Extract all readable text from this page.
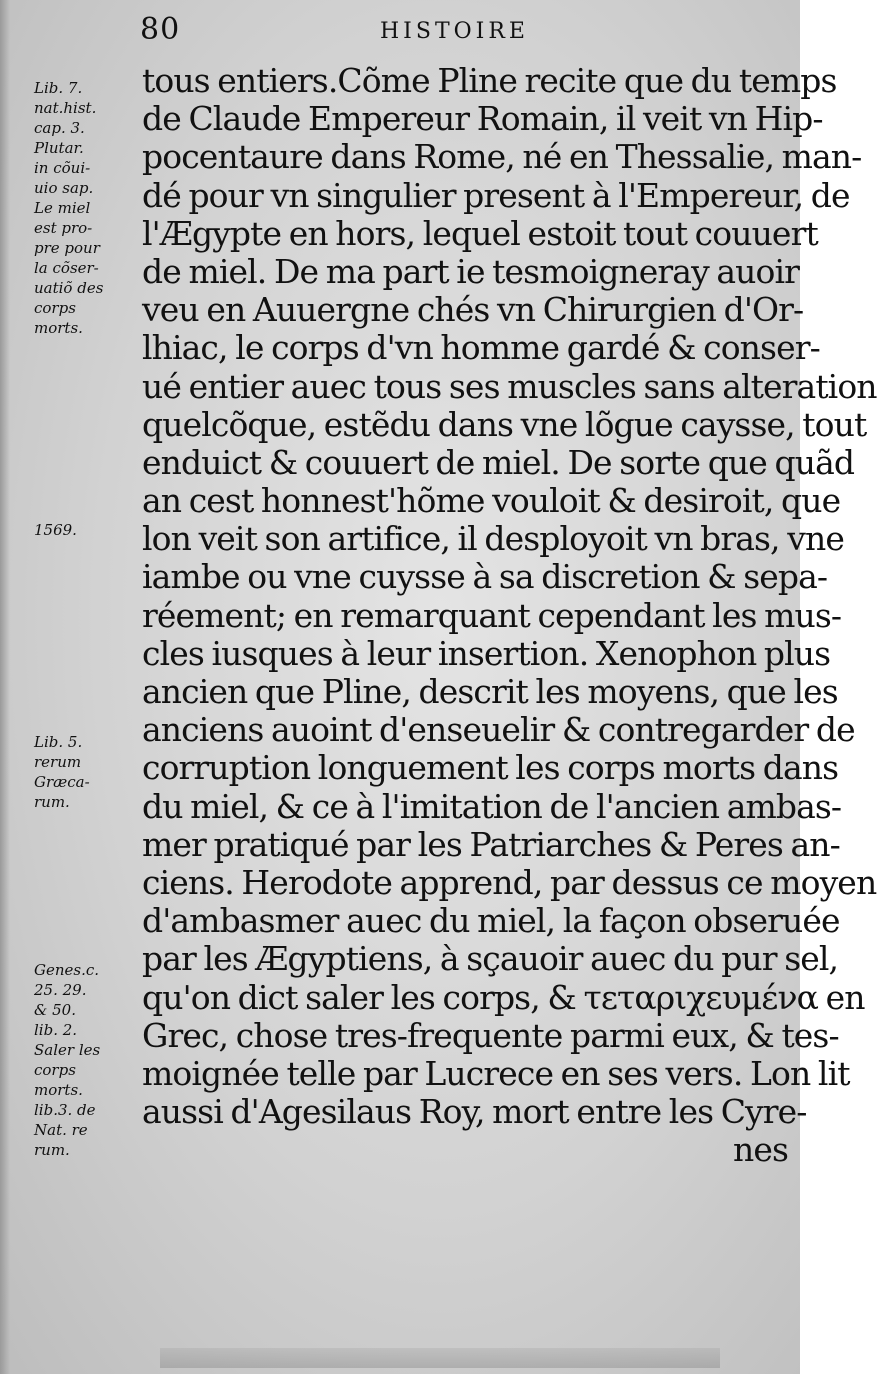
80	HISTOIRE
Lib. 7.
nat.hist.
cap. 3.
Plutar.
in cõui-
uio sap.
Le miel
est pro-
pre pour
la cõser-
uatiõ des
corps
morts.
1569.
Lib. 5.
rerum
Græca-
rum.
Genes.c.
25. 29.
& 50.
lib. 2.
Saler les
corps
morts.
lib.3. de
Nat. re
rum.
tous entiers.Cõme Pline recite que du temps
de Claude Empereur Romain, il veit vn Hip-
pocentaure dans Rome, né en Thessalie, man-
dé pour vn singulier present à l'Empereur, de
l'Ægypte en hors, lequel estoit tout couuert
de miel. De ma part ie tesmoigneray auoir
veu en Auuergne chés vn Chirurgien d'Or-
lhiac, le corps d'vn homme gardé & conser-
ué entier auec tous ses muscles sans alteration
quelcõque, estẽdu dans vne lõgue caysse, tout
enduict & couuert de miel. De sorte que quãd
an cest honnest'hõme vouloit & desiroit, que
lon veit son artifice, il desployoit vn bras, vne
iambe ou vne cuysse à sa discretion & sepa-
réement; en remarquant cependant les mus-
cles iusques à leur insertion. Xenophon plus
ancien que Pline, descrit les moyens, que les
anciens auoint d'enseuelir & contregarder de
corruption longuement les corps morts dans
du miel, & ce à l'imitation de l'ancien ambas-
mer pratiqué par les Patriarches & Peres an-
ciens. Herodote apprend, par dessus ce moyen
d'ambasmer auec du miel, la façon obseruée
par les Ægyptiens, à sçauoir auec du pur sel,
qu'on dict saler les corps, & τεταριχευμένα en
Grec, chose tres-frequente parmi eux, & tes-
moignée telle par Lucrece en ses vers. Lon lit
aussi d'Agesilaus Roy, mort entre les Cyre-
nes
